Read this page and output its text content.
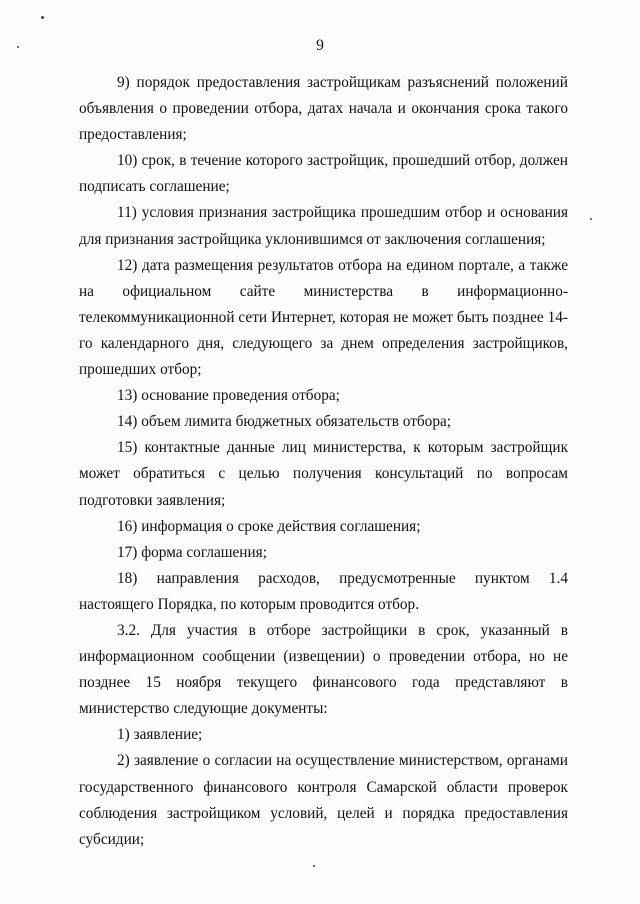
9

9) порядок предоставления застройщикам разъяснений положений объявления о проведении отбора, датах начала и окончания срока такого предоставления;

10) срок, в течение которого застройщик, прошедший отбор, должен подписать соглашение;

11) условия признания застройщика прошедшим отбор и основания для признания застройщика уклонившимся от заключения соглашения;

12) дата размещения результатов отбора на едином портале, а также на официальном сайте министерства в информационно-телекоммуникационной сети Интернет, которая не может быть позднее 14-го календарного дня, следующего за днем определения застройщиков, прошедших отбор;

13) основание проведения отбора;

14) объем лимита бюджетных обязательств отбора;

15) контактные данные лиц министерства, к которым застройщик может обратиться с целью получения консультаций по вопросам подготовки заявления;

16) информация о сроке действия соглашения;

17) форма соглашения;

18) направления расходов, предусмотренные пунктом 1.4 настоящего Порядка, по которым проводится отбор.

3.2. Для участия в отборе застройщики в срок, указанный в информационном сообщении (извещении) о проведении отбора, но не позднее 15 ноября текущего финансового года представляют в министерство следующие документы:

1) заявление;

2) заявление о согласии на осуществление министерством, органами государственного финансового контроля Самарской области проверок соблюдения застройщиком условий, целей и порядка предоставления субсидии;
